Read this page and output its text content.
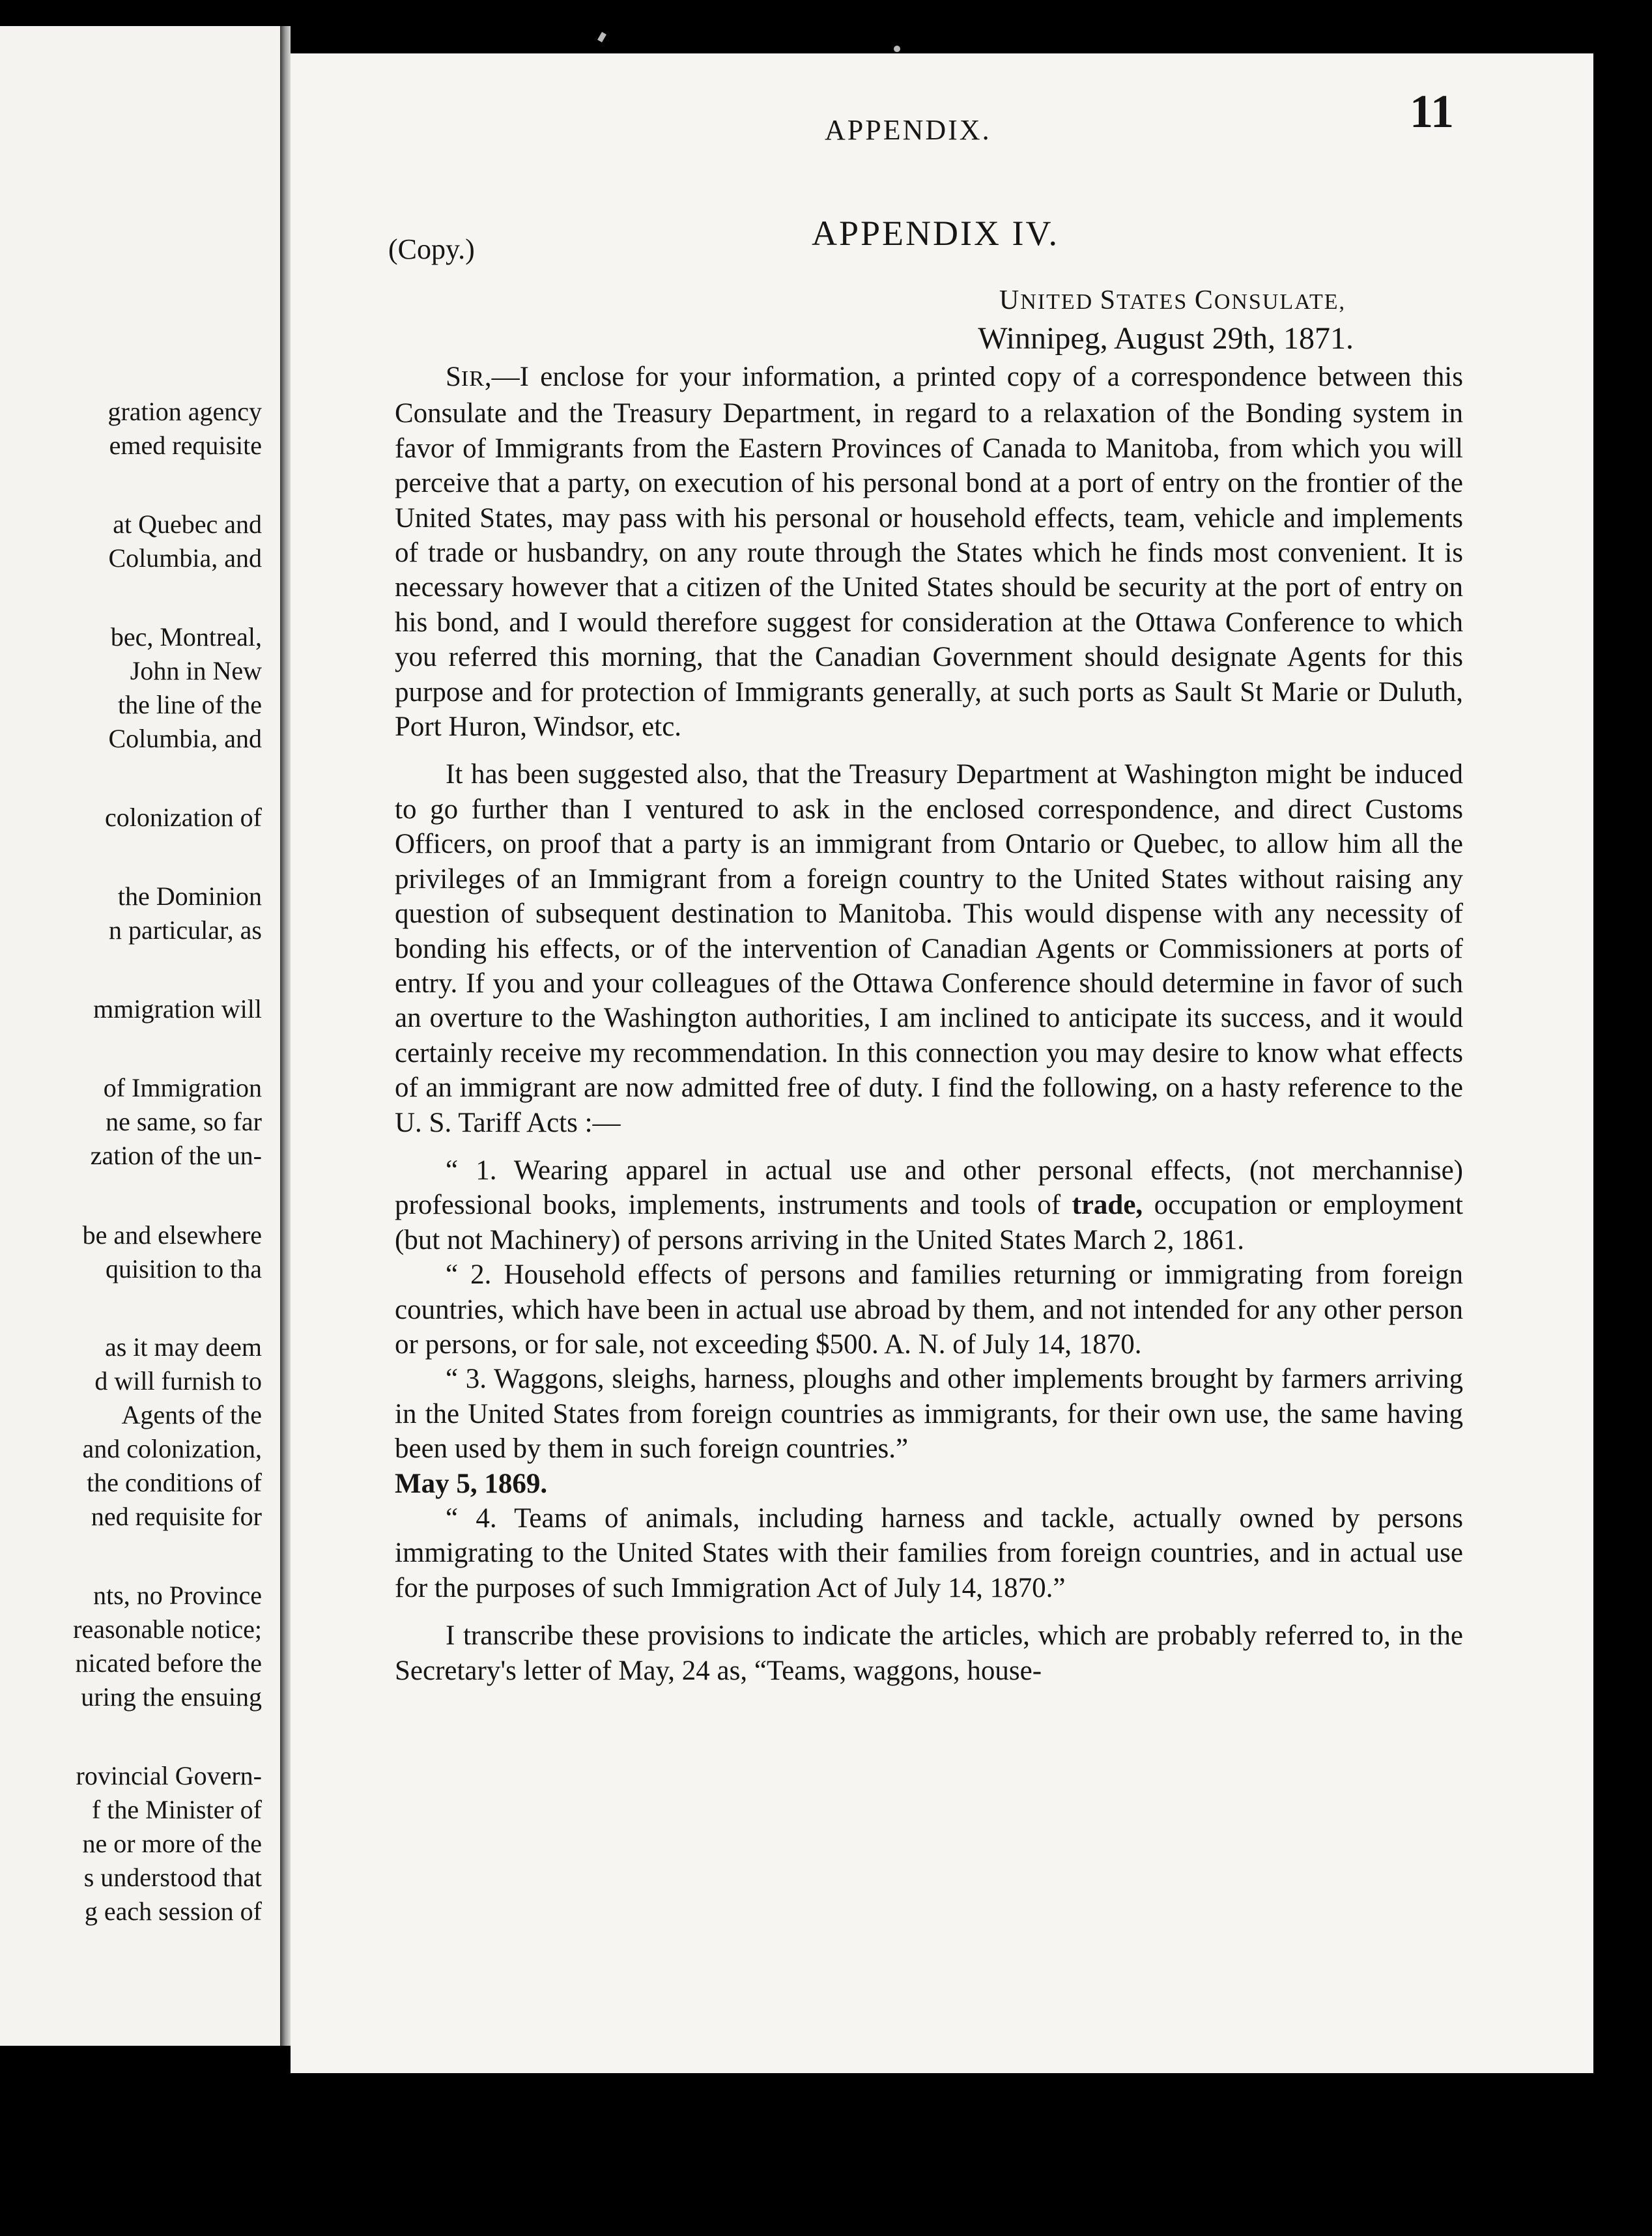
gration agency
emed requisite
at Quebec and
Columbia, and
bec, Montreal,
John in New
the line of the
Columbia, and
colonization of
the Dominion
n particular, as
mmigration will
of Immigration
ne same, so far
zation of the un-
be and elsewhere
quisition to tha
as it may deem
d will furnish to
Agents of the
and colonization,
the conditions of
ned requisite for
nts, no Province
reasonable notice;
nicated before the
uring the ensuing
rovincial Govern-
f the Minister of
ne or more of the
s understood that
g each session of
APPENDIX.	11
(Copy.)	APPENDIX IV.
UNITED STATES CONSULATE,
Winnipeg, August 29th, 1871.

SIR,—I enclose for your information, a printed copy of a correspondence between this Consulate and the Treasury Department, in regard to a relaxation of the Bonding system in favor of Immigrants from the Eastern Provinces of Canada to Manitoba, from which you will perceive that a party, on execution of his personal bond at a port of entry on the frontier of the United States, may pass with his personal or household effects, team, vehicle and implements of trade or husbandry, on any route through the States which he finds most convenient. It is necessary however that a citizen of the United States should be security at the port of entry on his bond, and I would therefore suggest for consideration at the Ottawa Conference to which you referred this morning, that the Canadian Government should designate Agents for this purpose and for protection of Immigrants generally, at such ports as Sault St Marie or Duluth, Port Huron, Windsor, etc.

It has been suggested also, that the Treasury Department at Washington might be induced to go further than I ventured to ask in the enclosed correspondence, and direct Customs Officers, on proof that a party is an immigrant from Ontario or Quebec, to allow him all the privileges of an Immigrant from a foreign country to the United States without raising any question of subsequent destination to Manitoba. This would dispense with any necessity of bonding his effects, or of the intervention of Canadian Agents or Commissioners at ports of entry. If you and your colleagues of the Ottawa Conference should determine in favor of such an overture to the Washington authorities, I am inclined to anticipate its success, and it would certainly receive my recommendation. In this connection you may desire to know what effects of an immigrant are now admitted free of duty. I find the following, on a hasty reference to the U. S. Tariff Acts :—

“ 1. Wearing apparel in actual use and other personal effects, (not merchannise) professional books, implements, instruments and tools of trade, occupation or employment (but not Machinery) of persons arriving in the United States March 2, 1861.

“ 2. Household effects of persons and families returning or immigrating from foreign countries, which have been in actual use abroad by them, and not intended for any other person or persons, or for sale, not exceeding $500. A. N. of July 14, 1870.

“ 3. Waggons, sleighs, harness, ploughs and other implements brought by farmers arriving in the United States from foreign countries as immigrants, for their own use, the same having been used by them in such foreign countries.”
May 5, 1869.

“ 4. Teams of animals, including harness and tackle, actually owned by persons immigrating to the United States with their families from foreign countries, and in actual use for the purposes of such Immigration Act of July 14, 1870.”

I transcribe these provisions to indicate the articles, which are probably referred to, in the Secretary's letter of May, 24 as, “Teams, waggons, house-
